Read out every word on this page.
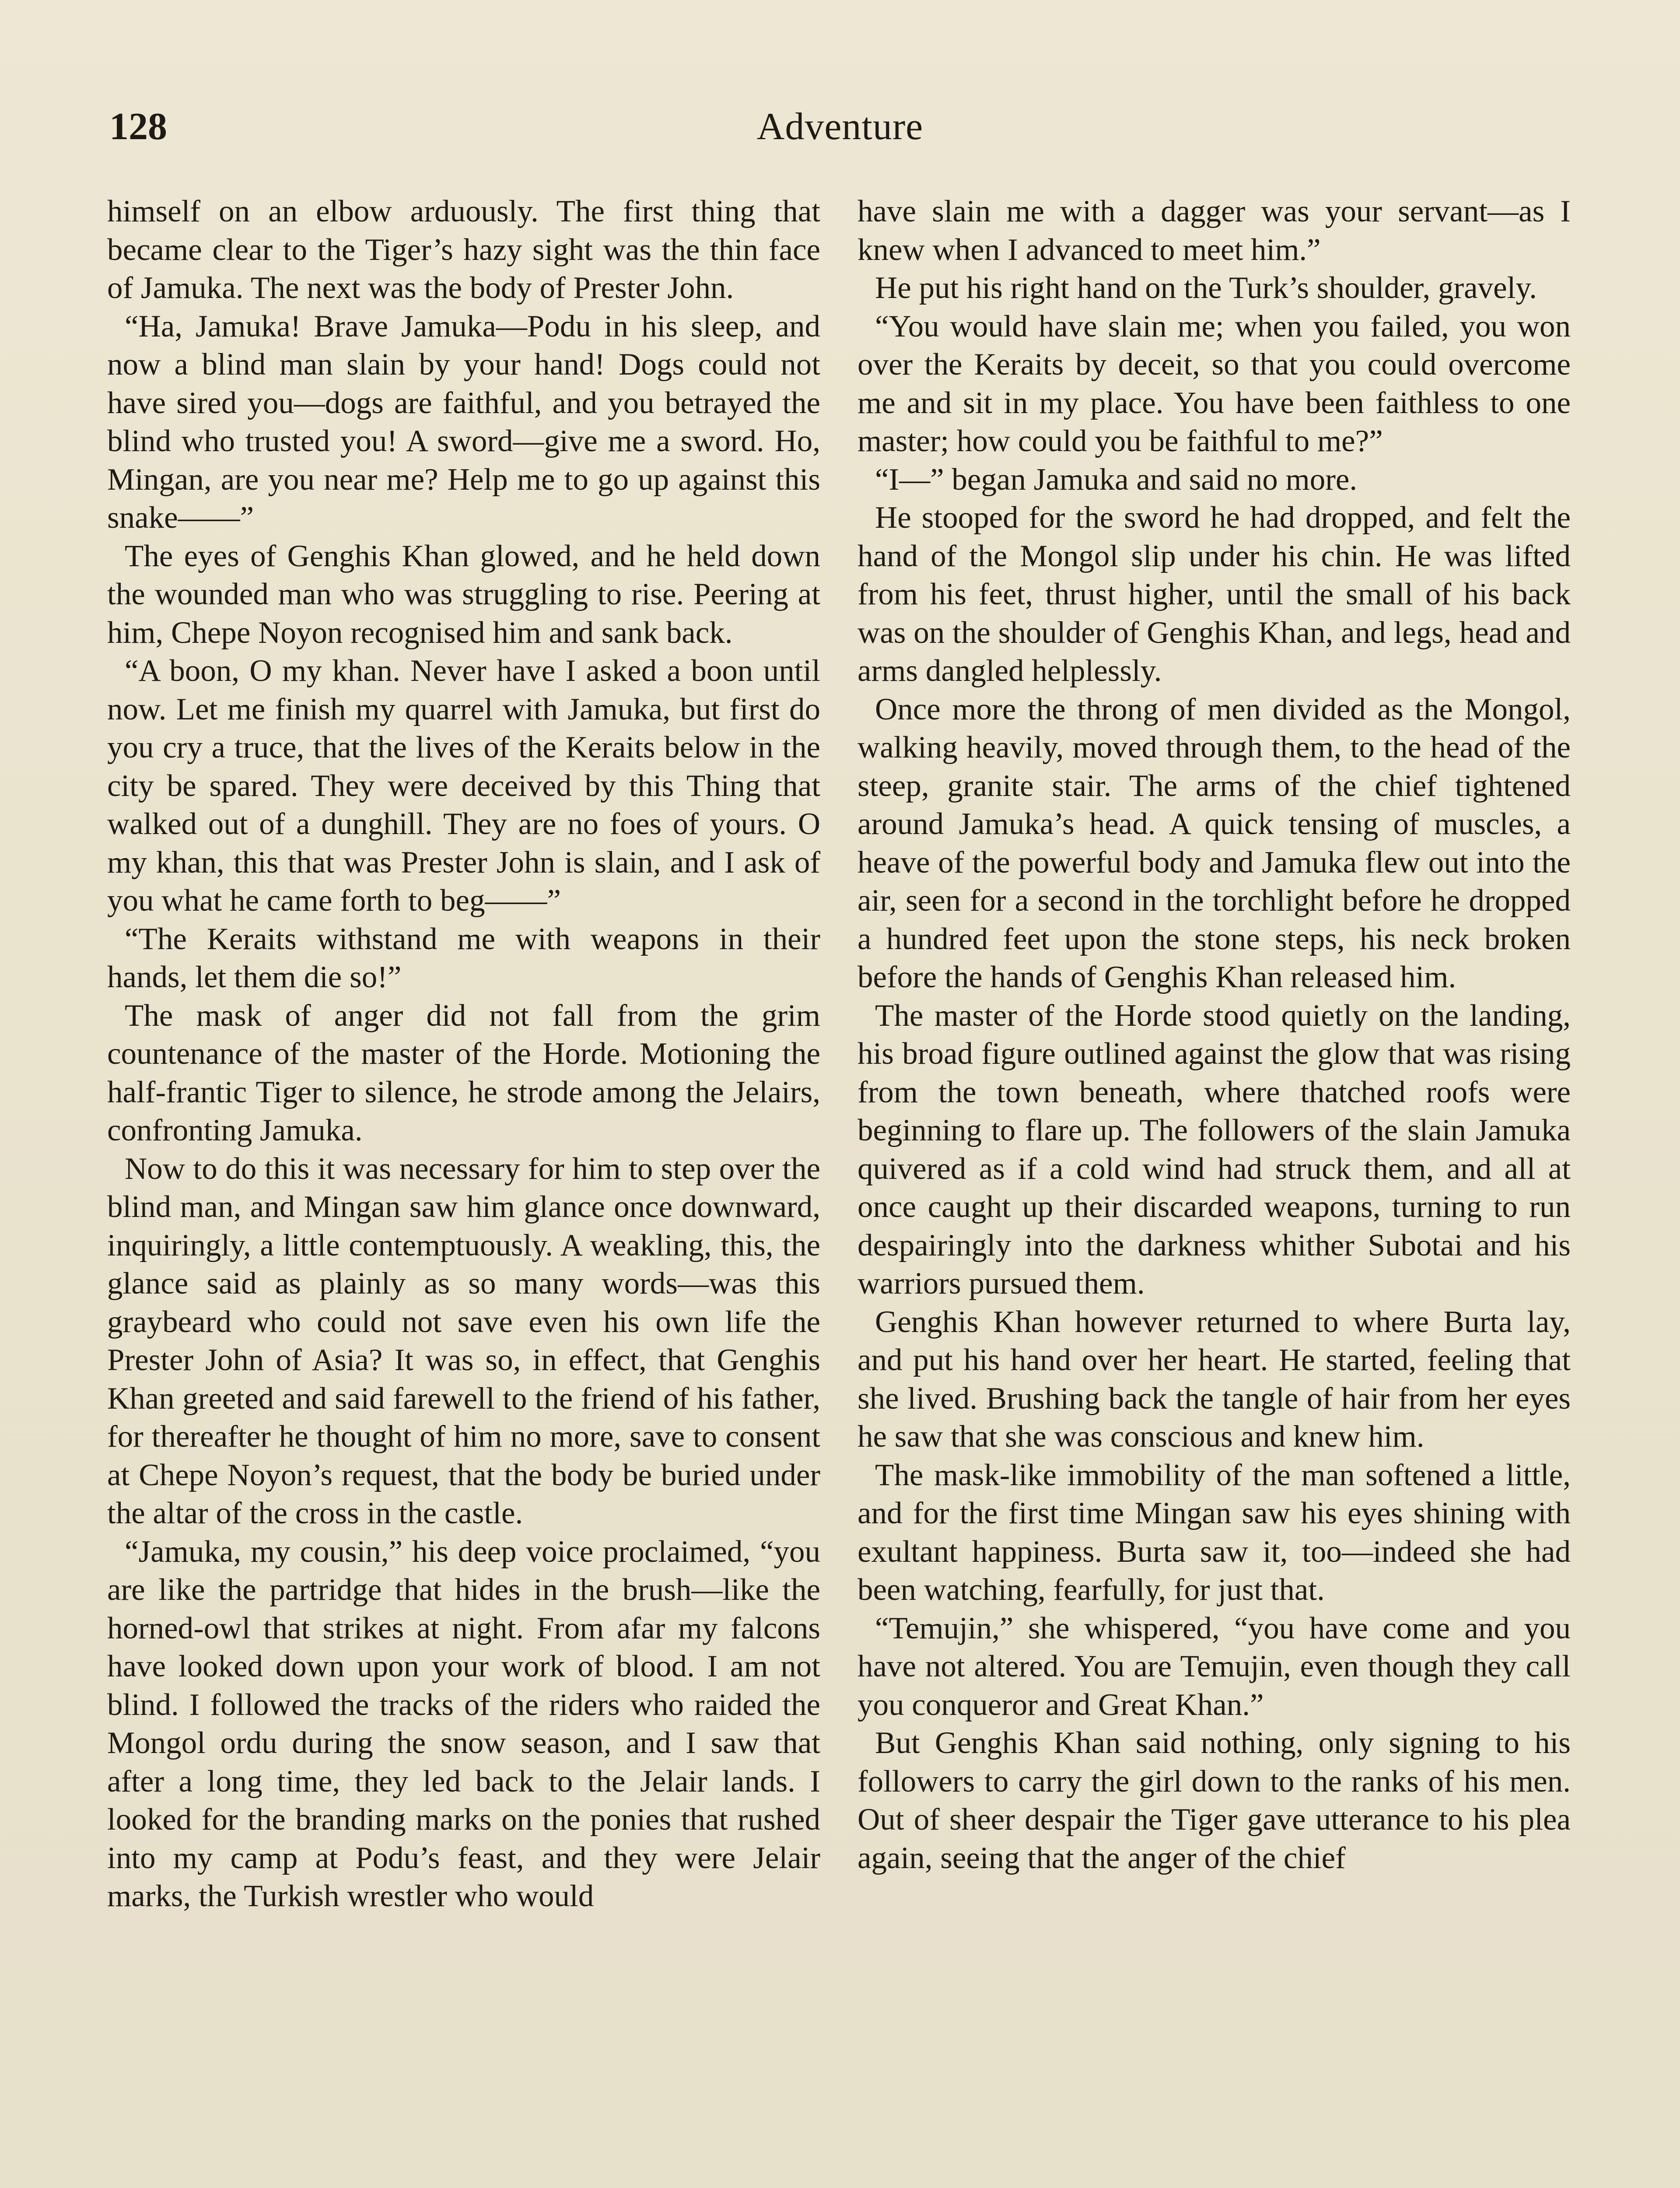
128	Adventure

himself on an elbow arduously. The first thing that became clear to the Tiger’s hazy sight was the thin face of Jamuka. The next was the body of Prester John.

“Ha, Jamuka! Brave Jamuka—Podu in his sleep, and now a blind man slain by your hand! Dogs could not have sired you—dogs are faithful, and you betrayed the blind who trusted you! A sword—give me a sword. Ho, Mingan, are you near me? Help me to go up against this snake——”

The eyes of Genghis Khan glowed, and he held down the wounded man who was struggling to rise. Peering at him, Chepe Noyon recognised him and sank back.

“A boon, O my khan. Never have I asked a boon until now. Let me finish my quarrel with Jamuka, but first do you cry a truce, that the lives of the Keraits below in the city be spared. They were deceived by this Thing that walked out of a dunghill. They are no foes of yours. O my khan, this that was Prester John is slain, and I ask of you what he came forth to beg——”

“The Keraits withstand me with weapons in their hands, let them die so!”

The mask of anger did not fall from the grim countenance of the master of the Horde. Motioning the half-frantic Tiger to silence, he strode among the Jelairs, confronting Jamuka.

Now to do this it was necessary for him to step over the blind man, and Mingan saw him glance once downward, inquiringly, a little contemptuously. A weakling, this, the glance said as plainly as so many words—was this graybeard who could not save even his own life the Prester John of Asia? It was so, in effect, that Genghis Khan greeted and said farewell to the friend of his father, for thereafter he thought of him no more, save to consent at Chepe Noyon’s request, that the body be buried under the altar of the cross in the castle.

“Jamuka, my cousin,” his deep voice proclaimed, “you are like the partridge that hides in the brush—like the horned-owl that strikes at night. From afar my falcons have looked down upon your work of blood. I am not blind. I followed the tracks of the riders who raided the Mongol ordu during the snow season, and I saw that after a long time, they led back to the Jelair lands. I looked for the branding marks on the ponies that rushed into my camp at Podu’s feast, and they were Jelair marks, the Turkish wrestler who would

have slain me with a dagger was your servant—as I knew when I advanced to meet him.”

He put his right hand on the Turk’s shoulder, gravely.

“You would have slain me; when you failed, you won over the Keraits by deceit, so that you could overcome me and sit in my place. You have been faithless to one master; how could you be faithful to me?”

“I—” began Jamuka and said no more.

He stooped for the sword he had dropped, and felt the hand of the Mongol slip under his chin. He was lifted from his feet, thrust higher, until the small of his back was on the shoulder of Genghis Khan, and legs, head and arms dangled helplessly.

Once more the throng of men divided as the Mongol, walking heavily, moved through them, to the head of the steep, granite stair. The arms of the chief tightened around Jamuka’s head. A quick tensing of muscles, a heave of the powerful body and Jamuka flew out into the air, seen for a second in the torchlight before he dropped a hundred feet upon the stone steps, his neck broken before the hands of Genghis Khan released him.

The master of the Horde stood quietly on the landing, his broad figure outlined against the glow that was rising from the town beneath, where thatched roofs were beginning to flare up. The followers of the slain Jamuka quivered as if a cold wind had struck them, and all at once caught up their discarded weapons, turning to run despairingly into the darkness whither Subotai and his warriors pursued them.

Genghis Khan however returned to where Burta lay, and put his hand over her heart. He started, feeling that she lived. Brushing back the tangle of hair from her eyes he saw that she was conscious and knew him.

The mask-like immobility of the man softened a little, and for the first time Mingan saw his eyes shining with exultant happiness. Burta saw it, too—indeed she had been watching, fearfully, for just that.

“Temujin,” she whispered, “you have come and you have not altered. You are Temujin, even though they call you conqueror and Great Khan.”

But Genghis Khan said nothing, only signing to his followers to carry the girl down to the ranks of his men. Out of sheer despair the Tiger gave utterance to his plea again, seeing that the anger of the chief
